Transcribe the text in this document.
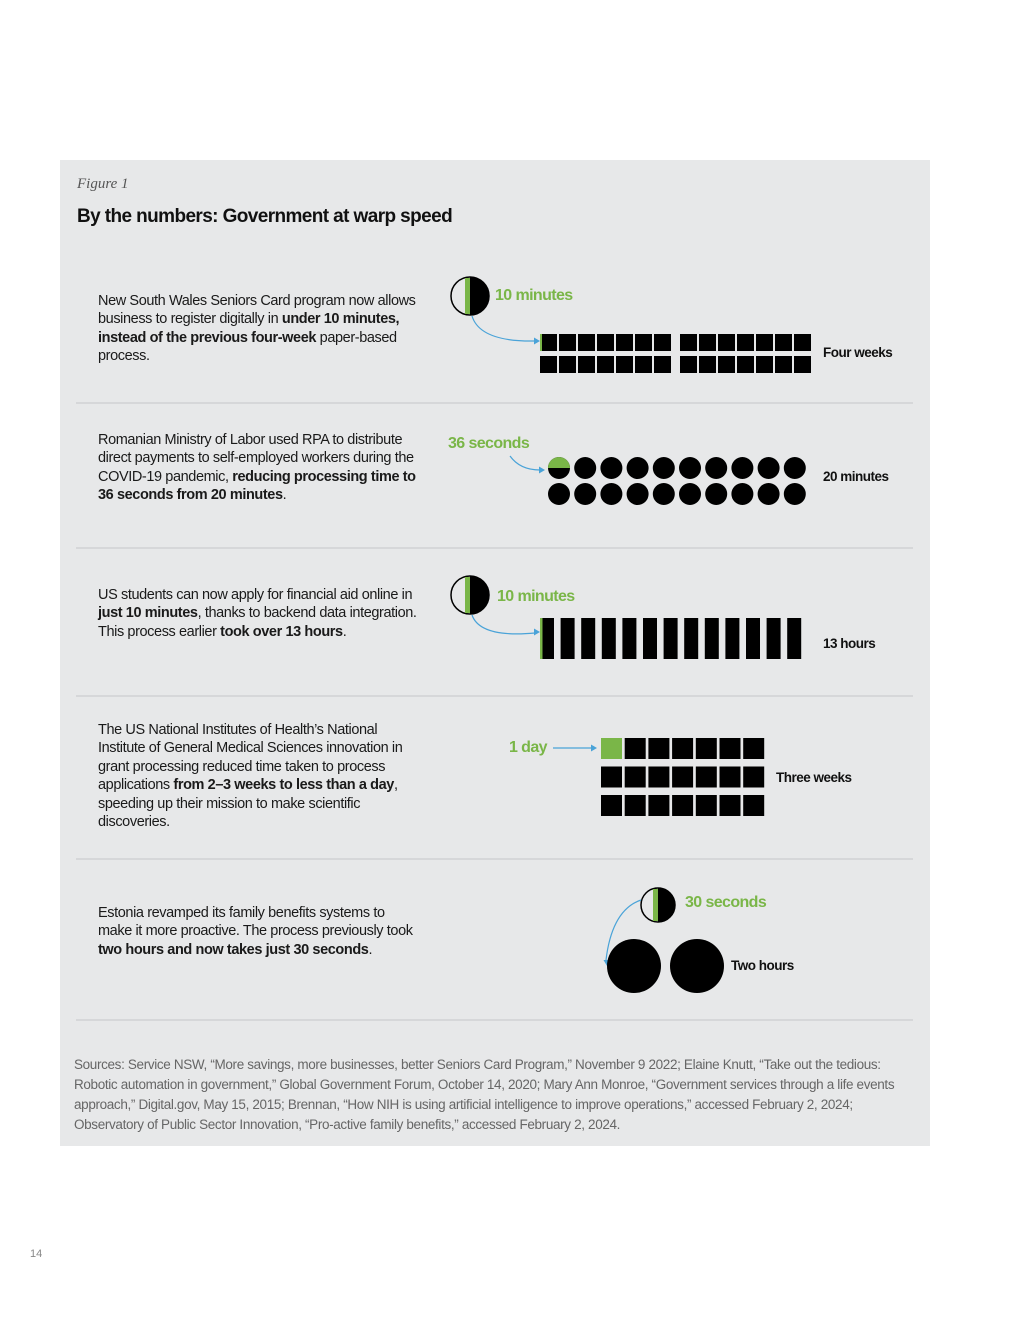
Figure 1
By the numbers: Government at warp speed
New South Wales Seniors Card program now allows business to register digitally in under 10 minutes, instead of the previous four-week paper-based process.
Romanian Ministry of Labor used RPA to distribute direct payments to self-employed workers during the COVID-19 pandemic, reducing processing time to 36 seconds from 20 minutes.
US students can now apply for financial aid online in just 10 minutes, thanks to backend data integration. This process earlier took over 13 hours.
The US National Institutes of Health’s National Institute of General Medical Sciences innovation in grant processing reduced time taken to process applications from 2–3 weeks to less than a day, speeding up their mission to make scientific discoveries.
Estonia revamped its family benefits systems to make it more proactive. The process previously took two hours and now takes just 30 seconds.
10 minutes
Four weeks
36 seconds
20 minutes
10 minutes
13 hours
1 day
Three weeks
30 seconds
Two hours
Sources: Service NSW, “More savings, more businesses, better Seniors Card Program,” November 9 2022; Elaine Knutt, “Take out the tedious: Robotic automation in government,” Global Government Forum, October 14, 2020; Mary Ann Monroe, “Government services through a life events approach,” Digital.gov, May 15, 2015; Brennan, “How NIH is using artificial intelligence to improve operations,” accessed February 2, 2024; Observatory of Public Sector Innovation, “Pro-active family benefits,” accessed February 2, 2024.
14
